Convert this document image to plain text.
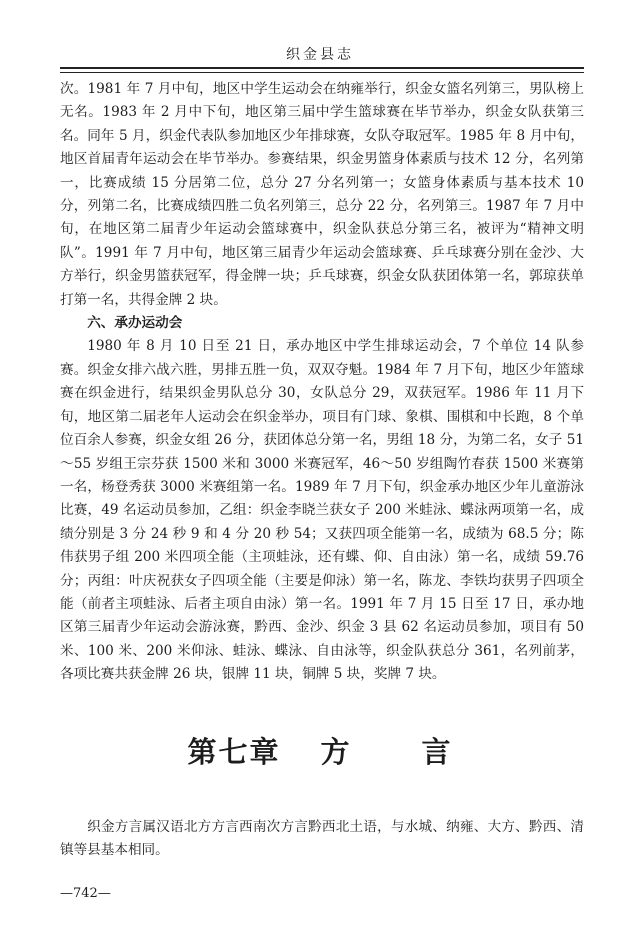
织金县志

次。1981 年 7 月中旬，地区中学生运动会在纳雍举行，织金女篮名列第三，男队榜上无名。1983 年 2 月中下旬，地区第三届中学生篮球赛在毕节举办，织金女队获第三名。同年 5 月，织金代表队参加地区少年排球赛，女队夺取冠军。1985 年 8 月中旬，地区首届青年运动会在毕节举办。参赛结果，织金男篮身体素质与技术 12 分，名列第一，比赛成绩 15 分居第二位，总分 27 分名列第一；女篮身体素质与基本技术 10 分，列第二名，比赛成绩四胜二负名列第三，总分 22 分，名列第三。1987 年 7 月中旬，在地区第二届青少年运动会篮球赛中，织金队获总分第三名，被评为“精神文明队”。1991 年 7 月中旬，地区第三届青少年运动会篮球赛、乒乓球赛分别在金沙、大方举行，织金男篮获冠军，得金牌一块；乒乓球赛，织金女队获团体第一名，郭琼获单打第一名，共得金牌 2 块。

六、承办运动会

1980 年 8 月 10 日至 21 日，承办地区中学生排球运动会，7 个单位 14 队参赛。织金女排六战六胜，男排五胜一负，双双夺魁。1984 年 7 月下旬，地区少年篮球赛在织金进行，结果织金男队总分 30，女队总分 29，双获冠军。1986 年 11 月下旬，地区第二届老年人运动会在织金举办，项目有门球、象棋、围棋和中长跑，8 个单位百余人参赛，织金女组 26 分，获团体总分第一名，男组 18 分，为第二名，女子 51～55 岁组王宗芬获 1500 米和 3000 米赛冠军，46～50 岁组陶竹春获 1500 米赛第一名，杨登秀获 3000 米赛组第一名。1989 年 7 月下旬，织金承办地区少年儿童游泳比赛，49 名运动员参加，乙组：织金李晓兰获女子 200 米蛙泳、蝶泳两项第一名，成绩分别是 3 分 24 秒 9 和 4 分 20 秒 54；又获四项全能第一名，成绩为 68.5 分；陈伟获男子组 200 米四项全能（主项蛙泳，还有蝶、仰、自由泳）第一名，成绩 59.76 分；丙组：叶庆祝获女子四项全能（主要是仰泳）第一名，陈龙、李铁均获男子四项全能（前者主项蛙泳、后者主项自由泳）第一名。1991 年 7 月 15 日至 17 日，承办地区第三届青少年运动会游泳赛，黔西、金沙、织金 3 县 62 名运动员参加，项目有 50 米、100 米、200 米仰泳、蛙泳、蝶泳、自由泳等，织金队获总分 361，名列前茅，各项比赛共获金牌 26 块，银牌 11 块，铜牌 5 块，奖牌 7 块。

第七章 方 言

织金方言属汉语北方方言西南次方言黔西北土语，与水城、纳雍、大方、黔西、清镇等县基本相同。

—742—
